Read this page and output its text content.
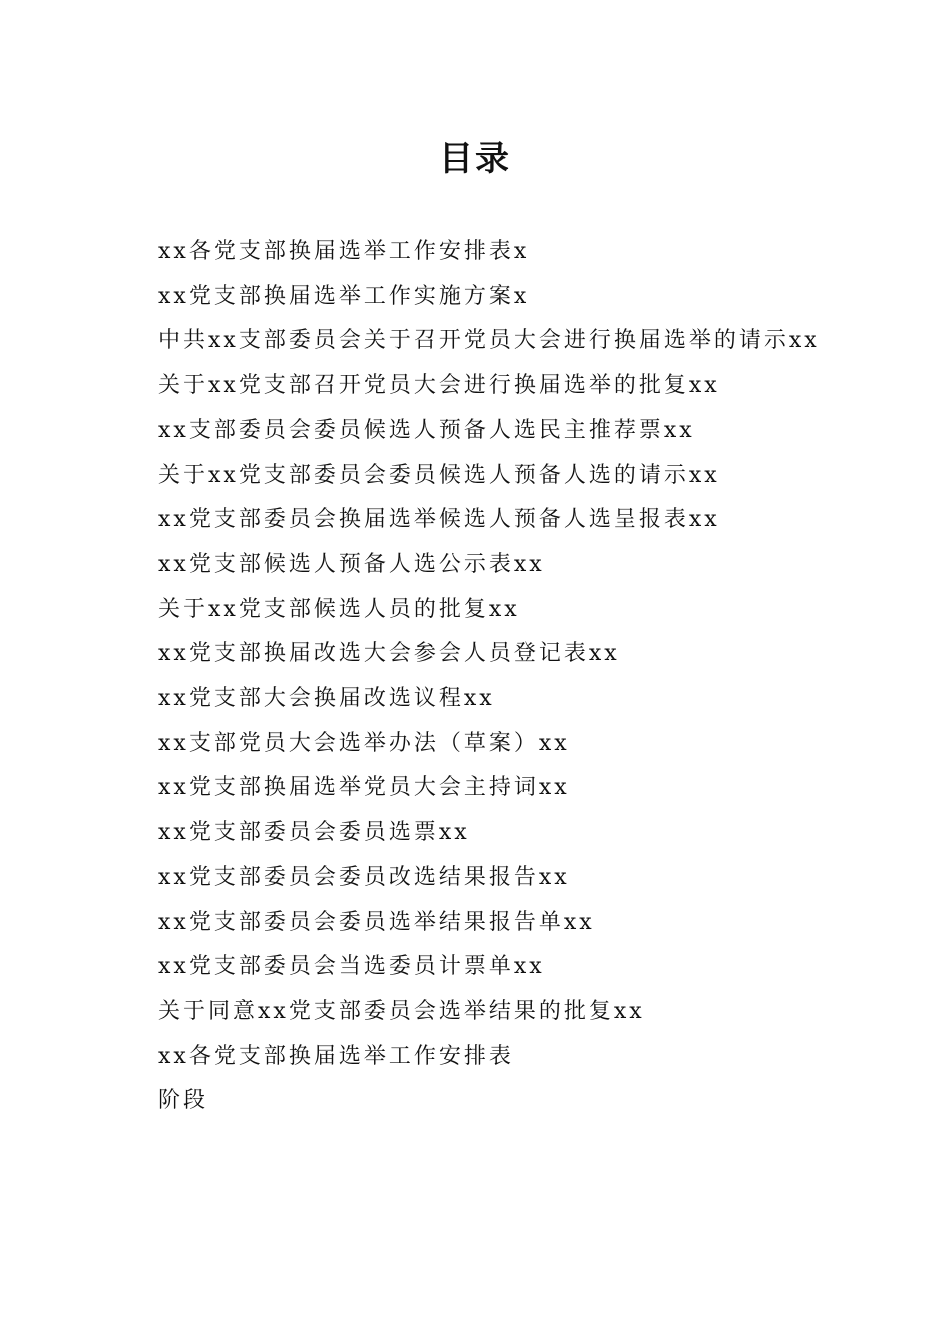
目录
xx各党支部换届选举工作安排表x
xx党支部换届选举工作实施方案x
中共xx支部委员会关于召开党员大会进行换届选举的请示xx
关于xx党支部召开党员大会进行换届选举的批复xx
xx支部委员会委员候选人预备人选民主推荐票xx
关于xx党支部委员会委员候选人预备人选的请示xx
xx党支部委员会换届选举候选人预备人选呈报表xx
xx党支部候选人预备人选公示表xx
关于xx党支部候选人员的批复xx
xx党支部换届改选大会参会人员登记表xx
xx党支部大会换届改选议程xx
xx支部党员大会选举办法（草案）xx
xx党支部换届选举党员大会主持词xx
xx党支部委员会委员选票xx
xx党支部委员会委员改选结果报告xx
xx党支部委员会委员选举结果报告单xx
xx党支部委员会当选委员计票单xx
关于同意xx党支部委员会选举结果的批复xx
xx各党支部换届选举工作安排表
阶段
